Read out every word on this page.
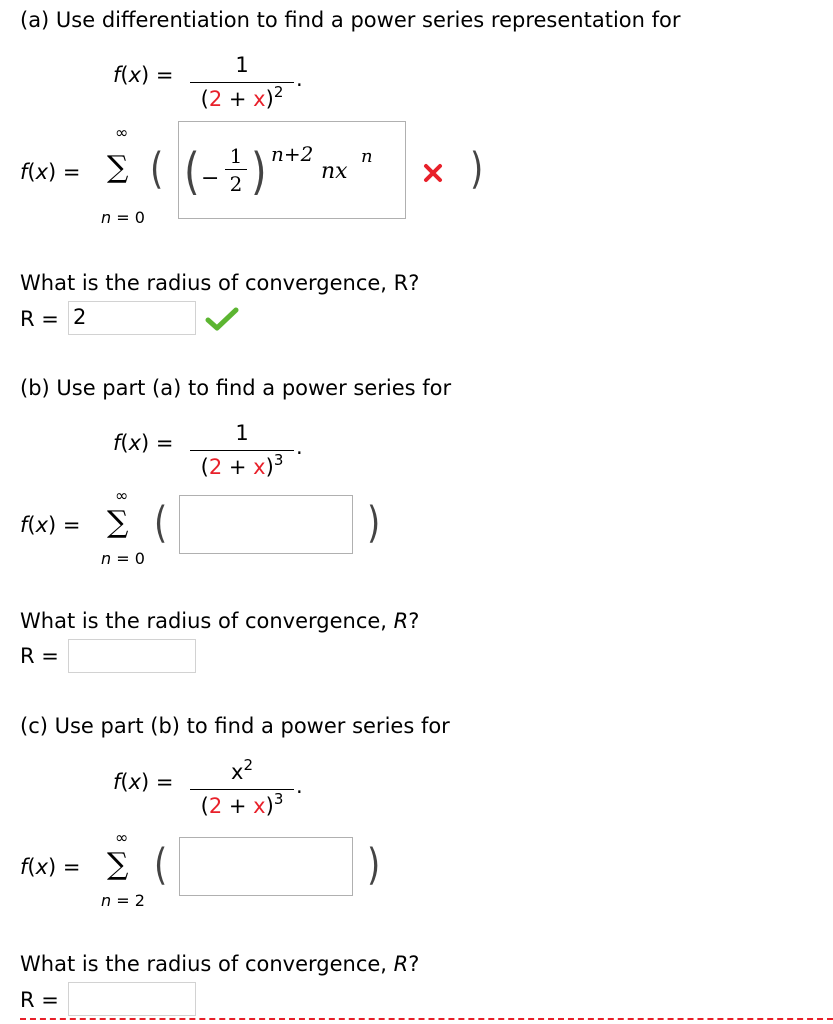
(a) Use differentiation to find a power series representation for
f(x) =	1
$(2 + x)^2$
.
f(x) =
∞
∑
n = 0
( ( −
1
2 ) n+2
nx
n	)
What is the radius of convergence, R?
R = 2
(b) Use part (a) to find a power series for
f(x) =	1
$(2 + x)^3$
.
f(x) =
∞
∑
n = 0
(	)
What is the radius of convergence, R?
R =
(c) Use part (b) to find a power series for
f(x) =	$x^2$
$(2 + x)^3$
.
f(x) =
∞
∑
n = 2
(	)
What is the radius of convergence, R?
R =
